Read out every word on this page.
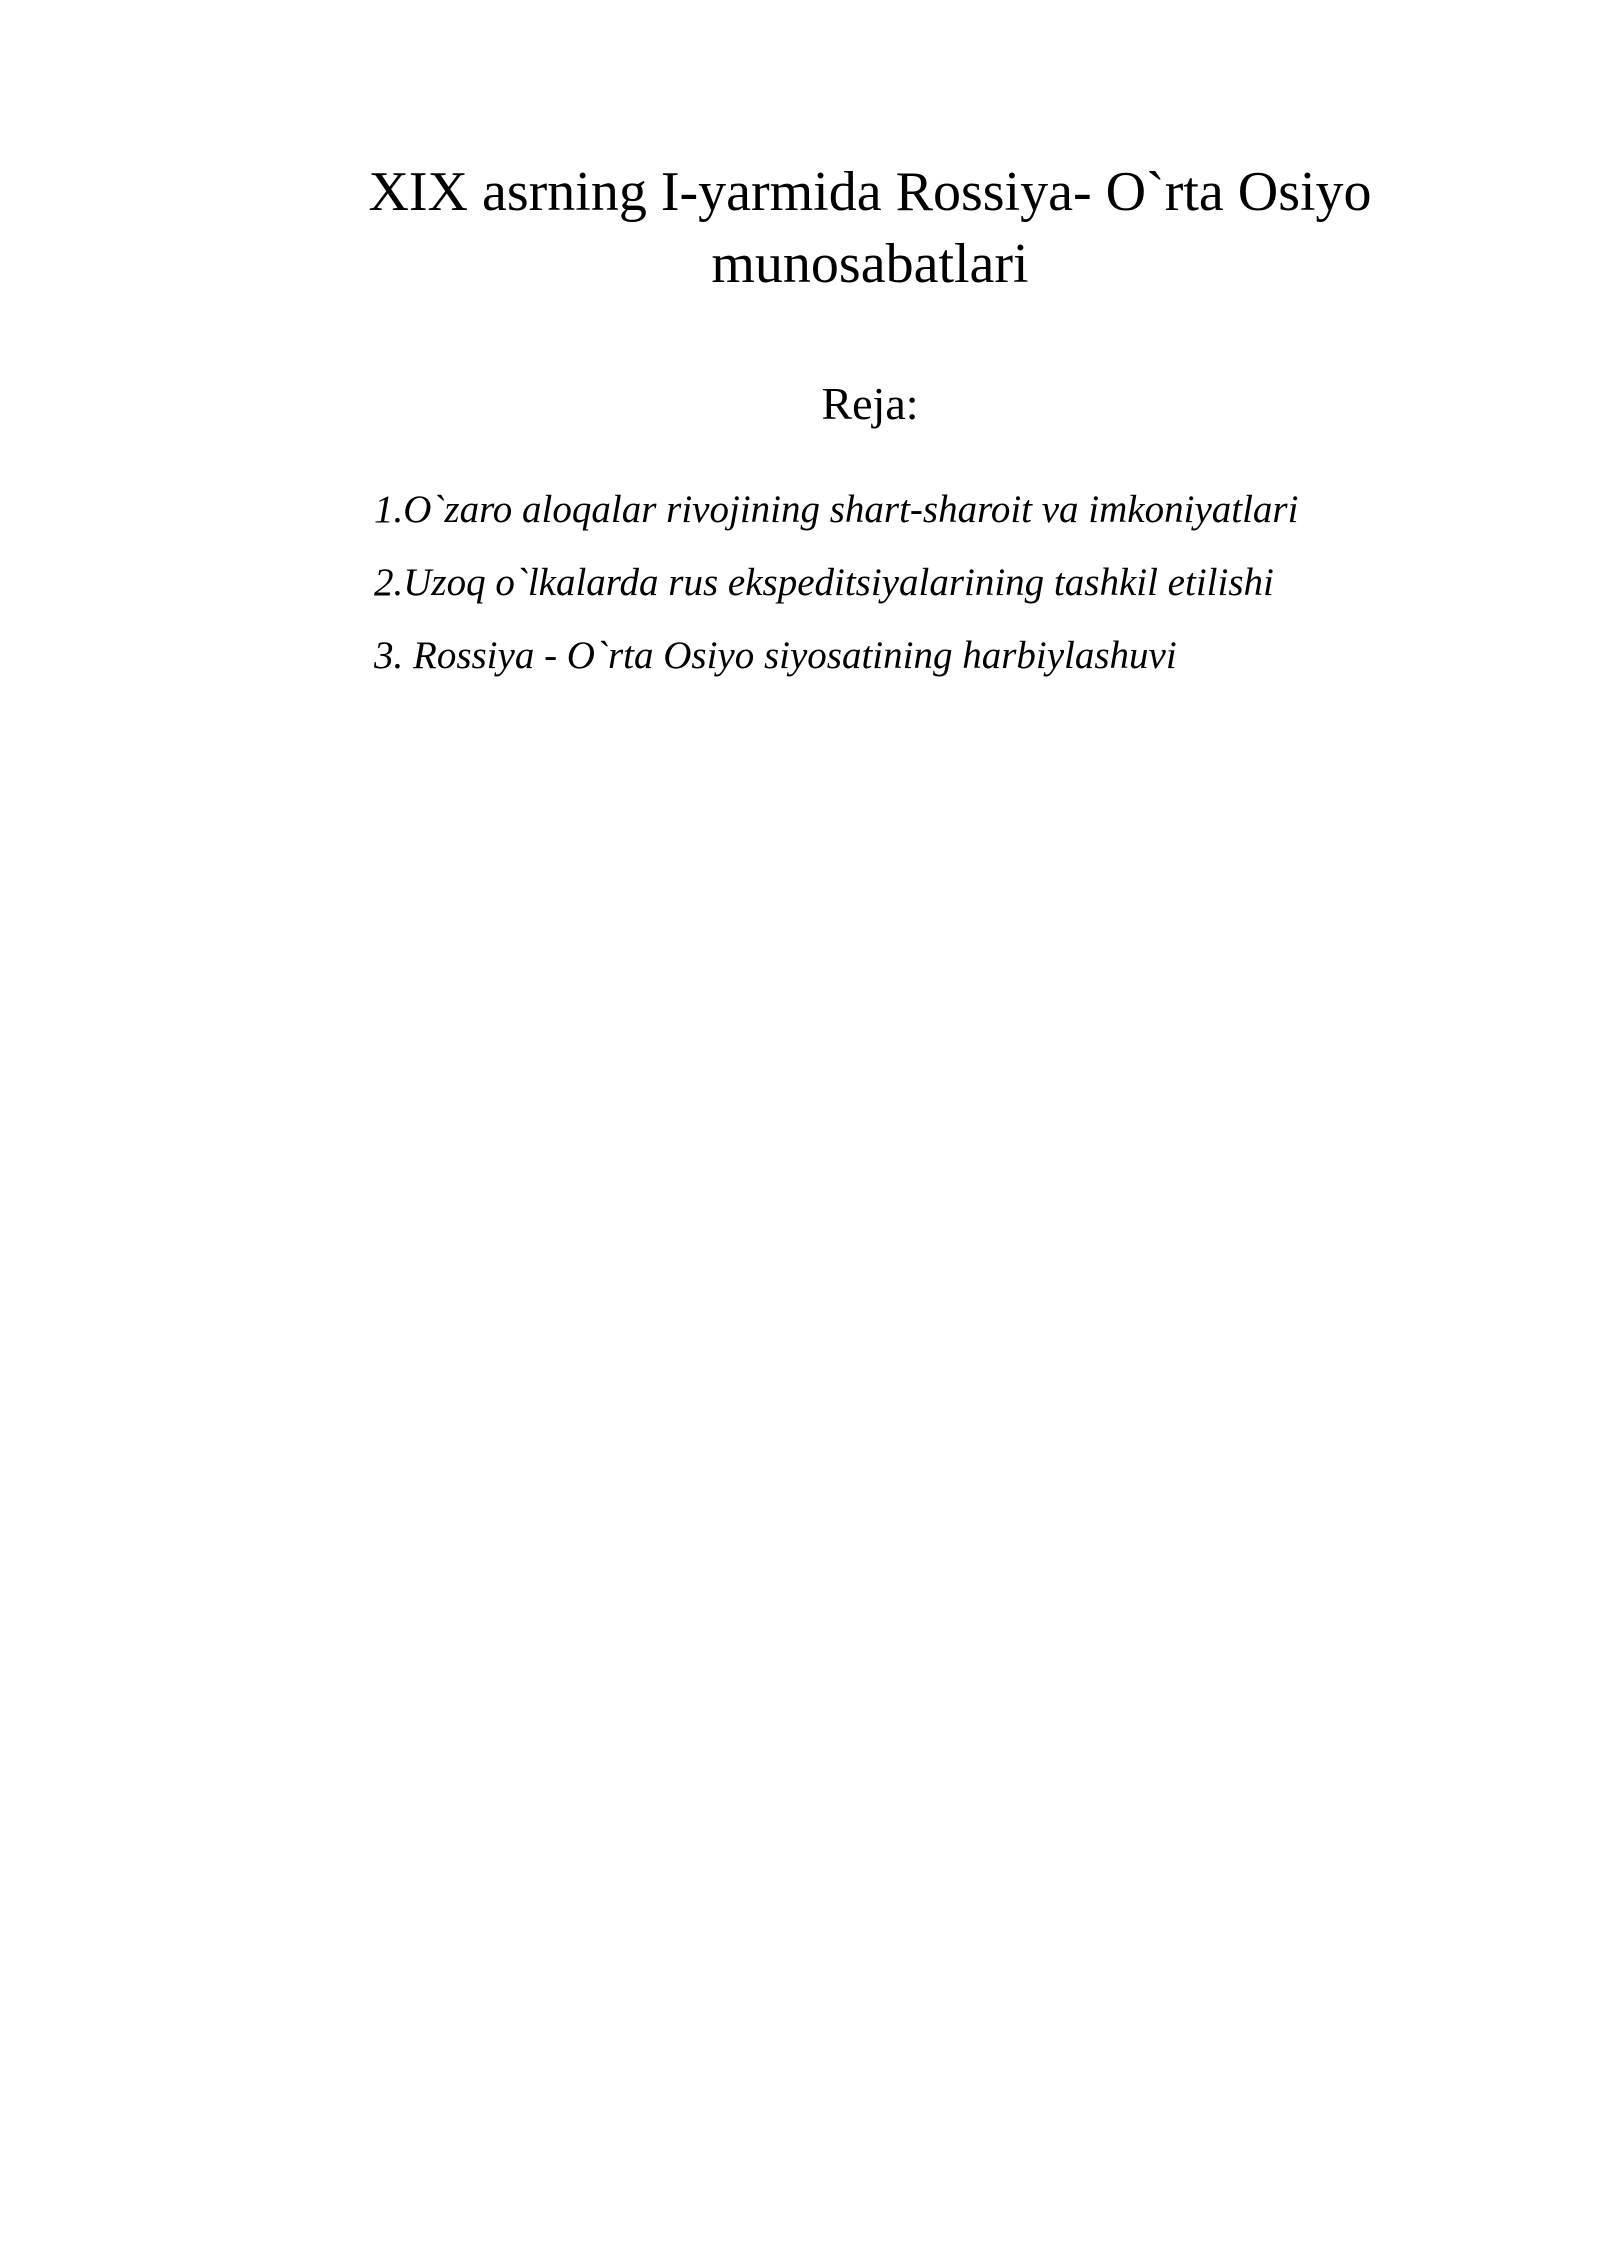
XIX asrning I-yarmida Rossiya- O`rta Osiyo
munosabatlari
Reja:
1.O`zaro aloqalar rivojining shart-sharoit va imkoniyatlari
2.Uzoq o`lkalarda rus ekspeditsiyalarining tashkil etilishi
3. Rossiya - O`rta Osiyo siyosatining harbiylashuvi
